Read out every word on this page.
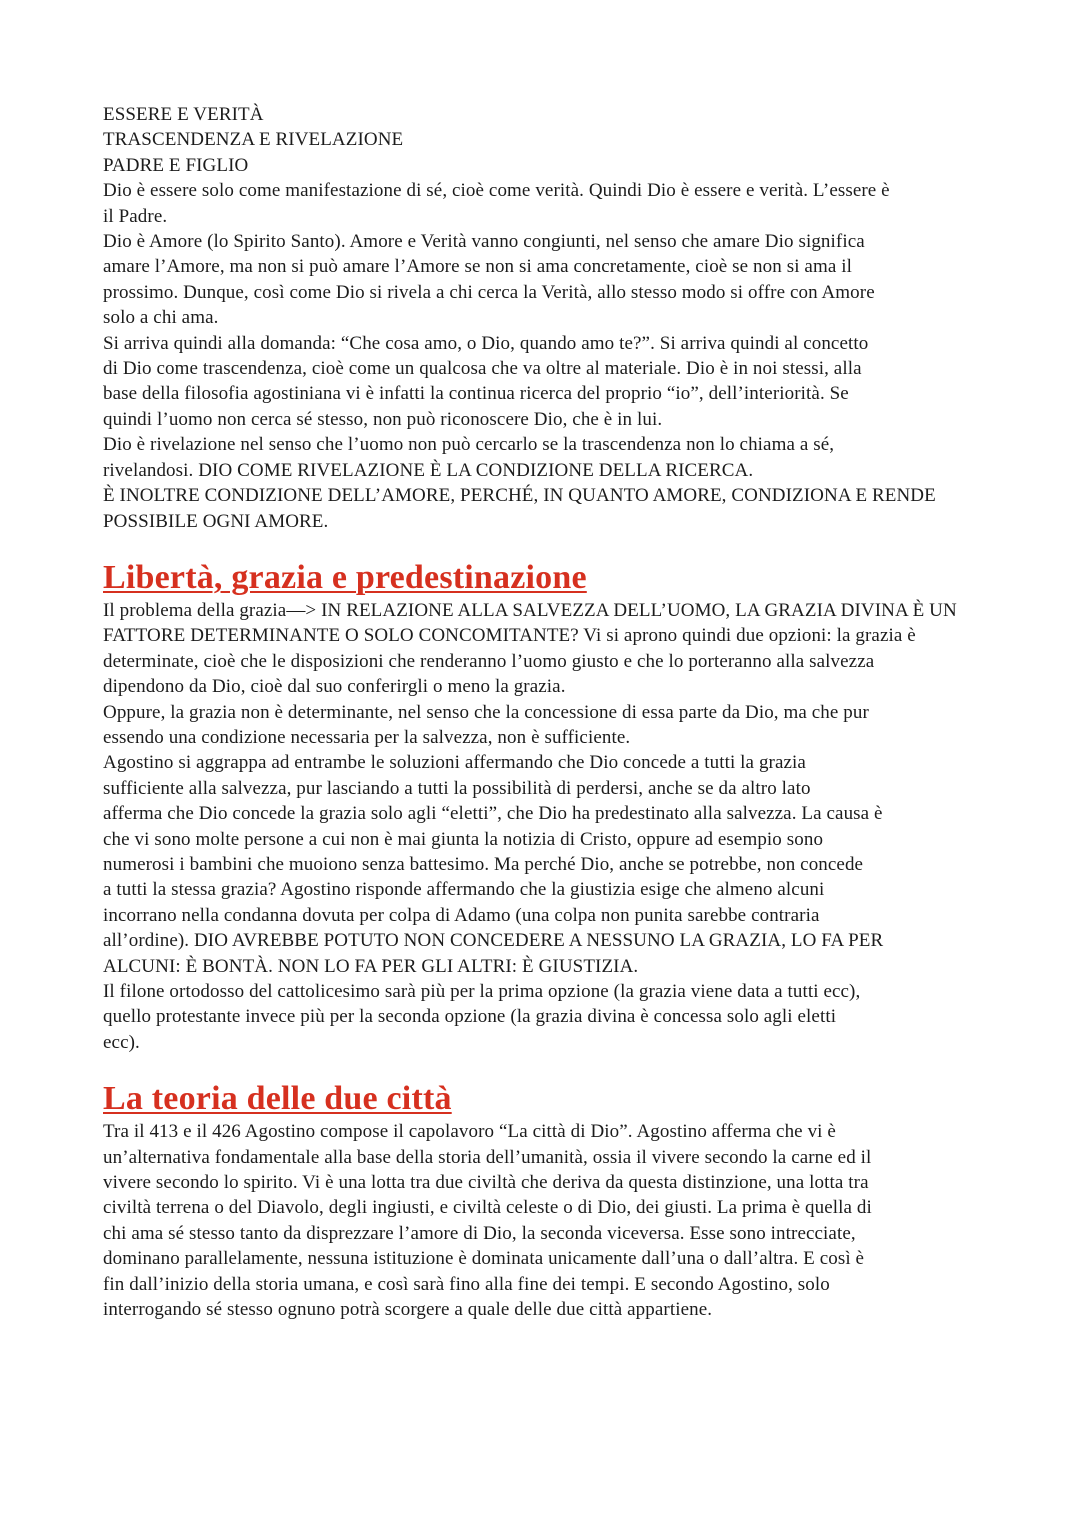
ESSERE E VERITÀ

TRASCENDENZA E RIVELAZIONE

PADRE E FIGLIO

Dio è essere solo come manifestazione di sé, cioè come verità. Quindi Dio è essere e verità. L’essere è

il Padre.

Dio è Amore (lo Spirito Santo). Amore e Verità vanno congiunti, nel senso che amare Dio significa

amare l’Amore, ma non si può amare l’Amore se non si ama concretamente, cioè se non si ama il

prossimo. Dunque, così come Dio si rivela a chi cerca la Verità, allo stesso modo si offre con Amore

solo a chi ama.

Si arriva quindi alla domanda: “Che cosa amo, o Dio, quando amo te?”. Si arriva quindi al concetto

di Dio come trascendenza, cioè come un qualcosa che va oltre al materiale. Dio è in noi stessi, alla

base della filosofia agostiniana vi è infatti la continua ricerca del proprio “io”, dell’interiorità. Se

quindi l’uomo non cerca sé stesso, non può riconoscere Dio, che è in lui.

Dio è rivelazione nel senso che l’uomo non può cercarlo se la trascendenza non lo chiama a sé,

rivelandosi. DIO COME RIVELAZIONE È LA CONDIZIONE DELLA RICERCA.

È INOLTRE CONDIZIONE DELL’AMORE, PERCHÉ, IN QUANTO AMORE, CONDIZIONA E RENDE

POSSIBILE OGNI AMORE.

Libertà, grazia e predestinazione

Il problema della grazia—> IN RELAZIONE ALLA SALVEZZA DELL’UOMO, LA GRAZIA DIVINA È UN

FATTORE DETERMINANTE O SOLO CONCOMITANTE? Vi si aprono quindi due opzioni: la grazia è

determinate, cioè che le disposizioni che renderanno l’uomo giusto e che lo porteranno alla salvezza

dipendono da Dio, cioè dal suo conferirgli o meno la grazia.

Oppure, la grazia non è determinante, nel senso che la concessione di essa parte da Dio, ma che pur

essendo una condizione necessaria per la salvezza, non è sufficiente.

Agostino si aggrappa ad entrambe le soluzioni affermando che Dio concede a tutti la grazia

sufficiente alla salvezza, pur lasciando a tutti la possibilità di perdersi, anche se da altro lato

afferma che Dio concede la grazia solo agli “eletti”, che Dio ha predestinato alla salvezza. La causa è

che vi sono molte persone a cui non è mai giunta la notizia di Cristo, oppure ad esempio sono

numerosi i bambini che muoiono senza battesimo. Ma perché Dio, anche se potrebbe, non concede

a tutti la stessa grazia? Agostino risponde affermando che la giustizia esige che almeno alcuni

incorrano nella condanna dovuta per colpa di Adamo (una colpa non punita sarebbe contraria

all’ordine). DIO AVREBBE POTUTO NON CONCEDERE A NESSUNO LA GRAZIA, LO FA PER

ALCUNI: È BONTÀ. NON LO FA PER GLI ALTRI: È GIUSTIZIA.

Il filone ortodosso del cattolicesimo sarà più per la prima opzione (la grazia viene data a tutti ecc),

quello protestante invece più per la seconda opzione (la grazia divina è concessa solo agli eletti

ecc).

La teoria delle due città

Tra il 413 e il 426 Agostino compose il capolavoro “La città di Dio”. Agostino afferma che vi è

un’alternativa fondamentale alla base della storia dell’umanità, ossia il vivere secondo la carne ed il

vivere secondo lo spirito. Vi è una lotta tra due civiltà che deriva da questa distinzione, una lotta tra

civiltà terrena o del Diavolo, degli ingiusti, e civiltà celeste o di Dio, dei giusti. La prima è quella di

chi ama sé stesso tanto da disprezzare l’amore di Dio, la seconda viceversa. Esse sono intrecciate,

dominano parallelamente, nessuna istituzione è dominata unicamente dall’una o dall’altra. E così è

fin dall’inizio della storia umana, e così sarà fino alla fine dei tempi. E secondo Agostino, solo

interrogando sé stesso ognuno potrà scorgere a quale delle due città appartiene.
